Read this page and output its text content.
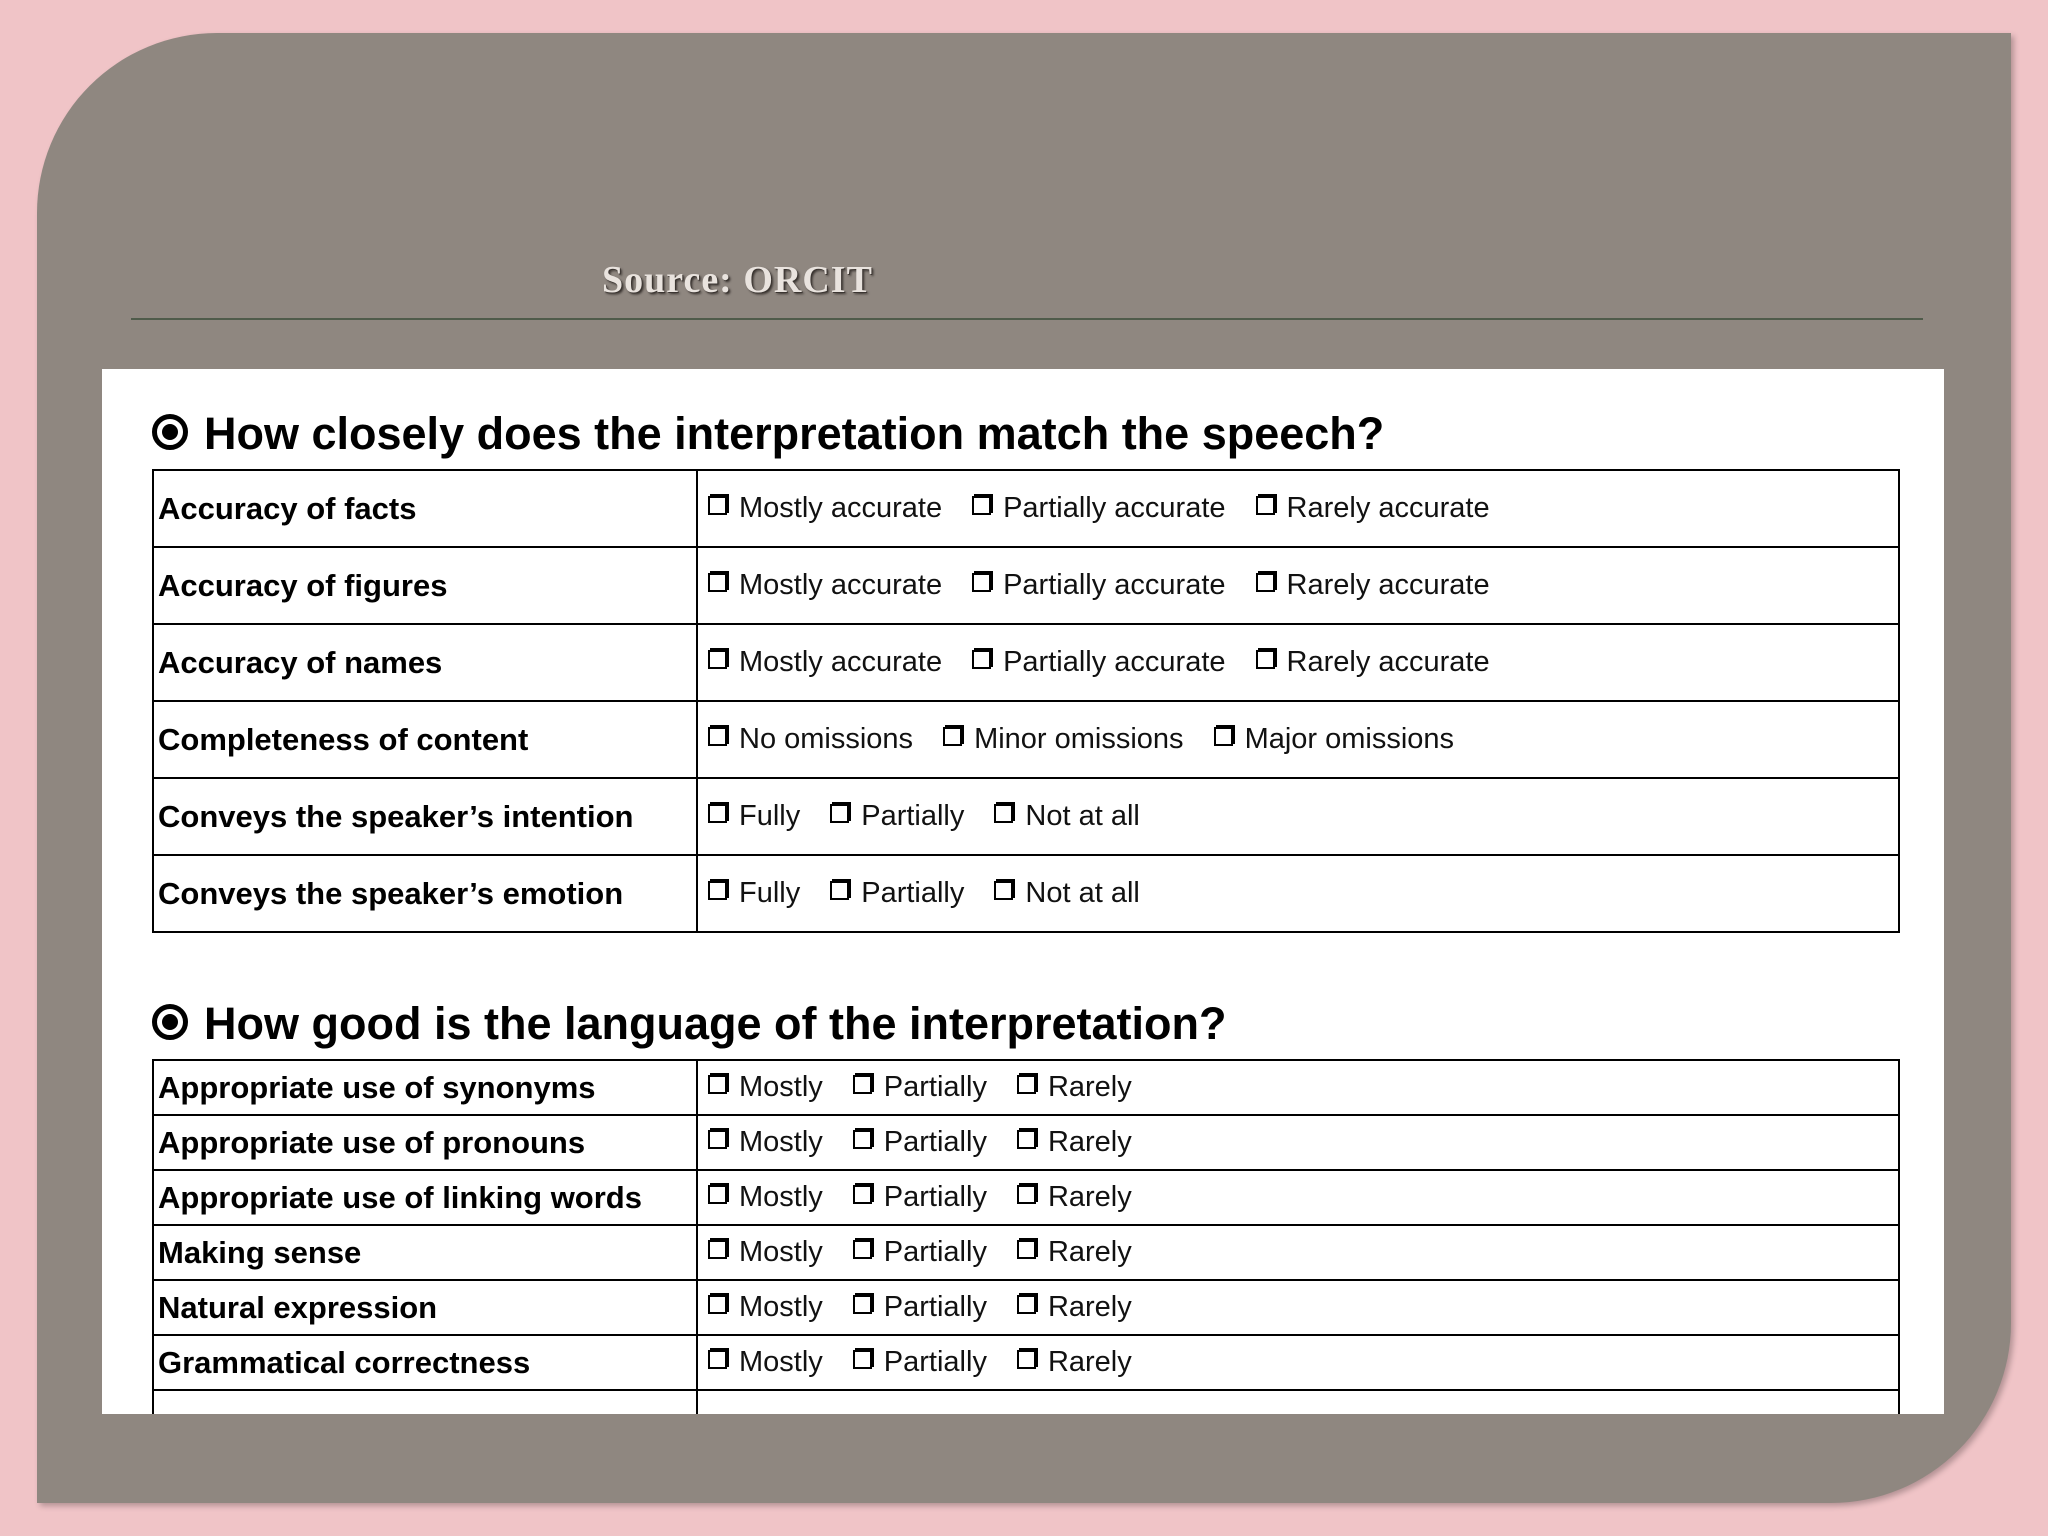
Source: ORCIT
How closely does the interpretation match the speech?
Accuracy of facts	Mostly accurate Partially accurate Rarely accurate

Accuracy of figures	Mostly accurate Partially accurate Rarely accurate

Accuracy of names	Mostly accurate Partially accurate Rarely accurate

Completeness of content	No omissions Minor omissions Major omissions

Conveys the speaker’s intention	Fully Partially Not at all

Conveys the speaker’s emotion	Fully Partially Not at all
How good is the language of the interpretation?
Appropriate use of synonyms	Mostly Partially Rarely

Appropriate use of pronouns	Mostly Partially Rarely

Appropriate use of linking words	Mostly Partially Rarely

Making sense	Mostly Partially Rarely

Natural expression	Mostly Partially Rarely

Grammatical correctness	Mostly Partially Rarely
